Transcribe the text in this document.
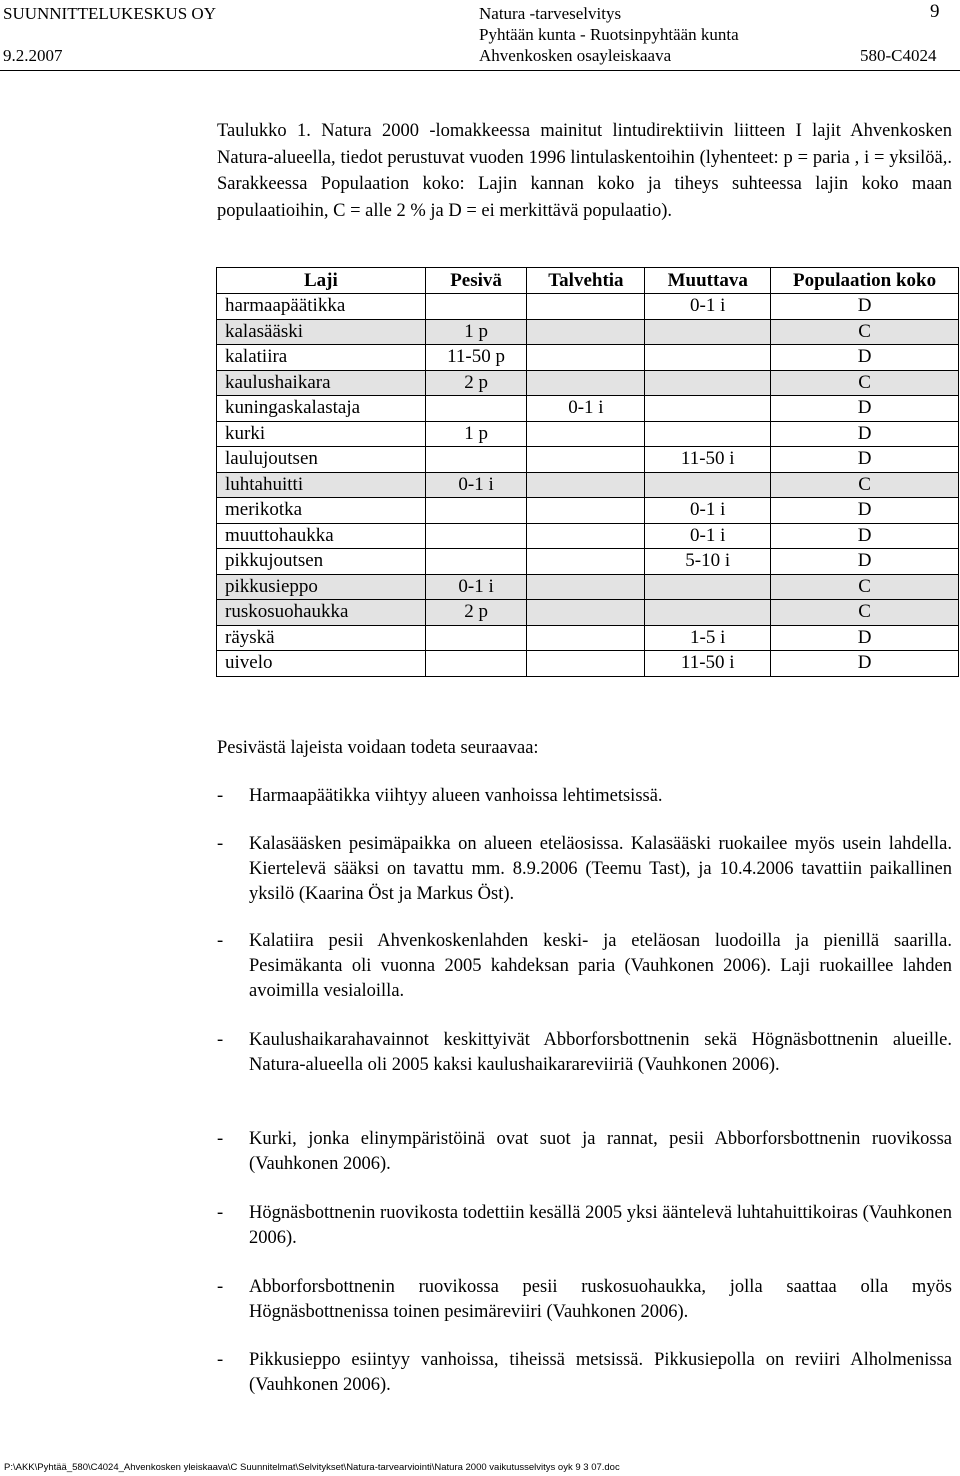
SUUNNITTELUKESKUS OY
9.2.2007
Natura -tarveselvitys
Pyhtään kunta - Ruotsinpyhtään kunta
Ahvenkosken osayleiskaava
9
580-C4024
Taulukko 1. Natura 2000 -lomakkeessa mainitut lintudirektiivin liitteen I lajit Ahvenkosken Natura-alueella, tiedot perustuvat vuoden 1996 lintulaskentoihin (lyhenteet: p = paria , i = yksilöä,. Sarakkeessa Populaation koko: Lajin kannan koko ja tiheys suhteessa lajin koko maan populaatioihin, C = alle 2 % ja D = ei merkittävä populaatio).
Laji	Pesivä	Talvehtia	Muuttava	Populaation koko
harmaapäätikka			0-1 i	D
kalasääski	1 p			C
kalatiira	11-50 p			D
kaulushaikara	2 p			C
kuningaskalastaja		0-1 i		D
kurki	1 p			D
laulujoutsen			11-50 i	D
luhtahuitti	0-1 i			C
merikotka			0-1 i	D
muuttohaukka			0-1 i	D
pikkujoutsen			5-10 i	D
pikkusieppo	0-1 i			C
ruskosuohaukka	2 p			C
räyskä			1-5 i	D
uivelo			11-50 i	D
Pesivästä lajeista voidaan todeta seuraavaa:
- Harmaapäätikka viihtyy alueen vanhoissa lehtimetsissä.
- Kalasääsken pesimäpaikka on alueen eteläosissa. Kalasääski ruokailee myös usein lahdella. Kiertelevä sääksi on tavattu mm. 8.9.2006 (Teemu Tast), ja 10.4.2006 tavattiin paikallinen yksilö (Kaarina Öst ja Markus Öst).
- Kalatiira pesii Ahvenkoskenlahden keski- ja eteläosan luodoilla ja pienillä saarilla. Pesimäkanta oli vuonna 2005 kahdeksan paria (Vauhkonen 2006). Laji ruokaillee lahden avoimilla vesialoilla.
- Kaulushaikarahavainnot keskittyivät Abborforsbottnenin sekä Högnäsbottnenin alueille. Natura-alueella oli 2005 kaksi kaulushaikarareviiriä (Vauhkonen 2006).
- Kurki, jonka elinympäristöinä ovat suot ja rannat, pesii Abborforsbottnenin ruovikossa (Vauhkonen 2006).
- Högnäsbottnenin ruovikosta todettiin kesällä 2005 yksi ääntelevä luhtahuittikoiras (Vauhkonen 2006).
- Abborforsbottnenin ruovikossa pesii ruskosuohaukka, jolla saattaa olla myös Högnäsbottnenissa toinen pesimäreviiri (Vauhkonen 2006).
- Pikkusieppo esiintyy vanhoissa, tiheissä metsissä. Pikkusiepolla on reviiri Alholmenissa (Vauhkonen 2006).
P:\AKK\Pyhtää_580\C4024_Ahvenkosken yleiskaava\C Suunnitelmat\Selvitykset\Natura-tarvearviointi\Natura 2000 vaikutusselvitys oyk 9 3 07.doc
